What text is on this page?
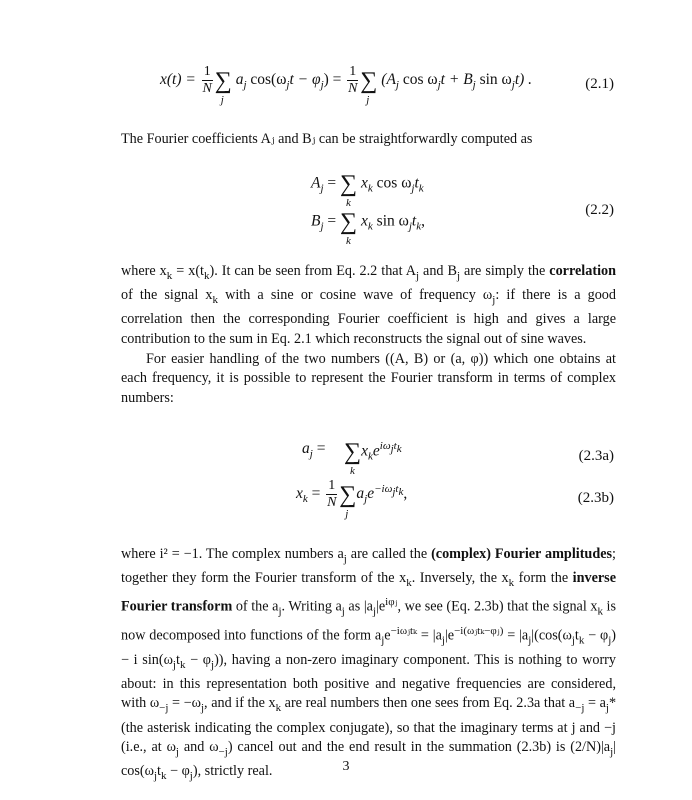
$x(t) = \frac{1}{N}$ ∑
j
$a_j$ $\cos(\omega_jt - \varphi_j) = \frac{1}{N}$ ∑
j
($A_j$ $\cos \omega_jt + B_j$ $\sin \omega_jt$) .	(2.1)

The Fourier coefficients Aⱼ and Bⱼ can be straightforwardly computed as

$A_j$ = ∑
k
$x_k$ $\cos \omega_jt_k$
$B_j$ = ∑
k
$x_k$ $\sin \omega_jt_k$,
(2.2)

where $x_k = x(t_k)$. It can be seen from Eq. 2.2 that $A_j$ and $B_j$ are simply the correlation of the signal $x_k$ with a sine or cosine wave of frequency $\omega_j$: if there is a good correlation then the corresponding Fourier coefficient is high and gives a large contribution to the sum in Eq. 2.1 which reconstructs the signal out of sine waves.

For easier handling of the two numbers ((A, B) or (a, φ)) which one obtains at each frequency, it is possible to represent the Fourier transform in terms of complex numbers:

$a_j$ = ∑
k
$x_ke^{i\omega_jt_k}$	(2.3a)
$x_k = \frac{1}{N}$ ∑
j
$a_je^{-i\omega_jt_k}$,	(2.3b)

where i² = −1. The complex numbers $a_j$ are called the (complex) Fourier amplitudes; together they form the Fourier transform of the $x_k$. Inversely, the $x_k$ form the inverse Fourier transform of the $a_j$. Writing $a_j$ as $|a_j|e^{i\varphi ⱼ}$, we see (Eq. 2.3b) that the signal $x_k$ is now decomposed into functions of the form $a_je^{-i\omega ⱼt_k} = |a_j|e^{-i(\omega ⱼt_k-\varphi ⱼ)} = |a_j|(\cos(\omega_jt_k - \varphi_j) - i$ $\sin(\omega_jt_k - \varphi_j)$), having a non-zero imaginary component. This is nothing to worry about: in this representation both positive and negative frequencies are considered, with $\omega_{-j} = -\omega_j$, and if the $x_k$ are real numbers then one sees from Eq. 2.3a that $a_{-j} = a_j*$ (the asterisk indicating the complex conjugate), so that the imaginary terms at j and −j (i.e., at $\omega_j$ and $\omega_{-j}$) cancel out and the end result in the summation (2.3b) is $(2/N)|a_j|$ $\cos(\omega_jt_k - \varphi_j)$, strictly real.	3
